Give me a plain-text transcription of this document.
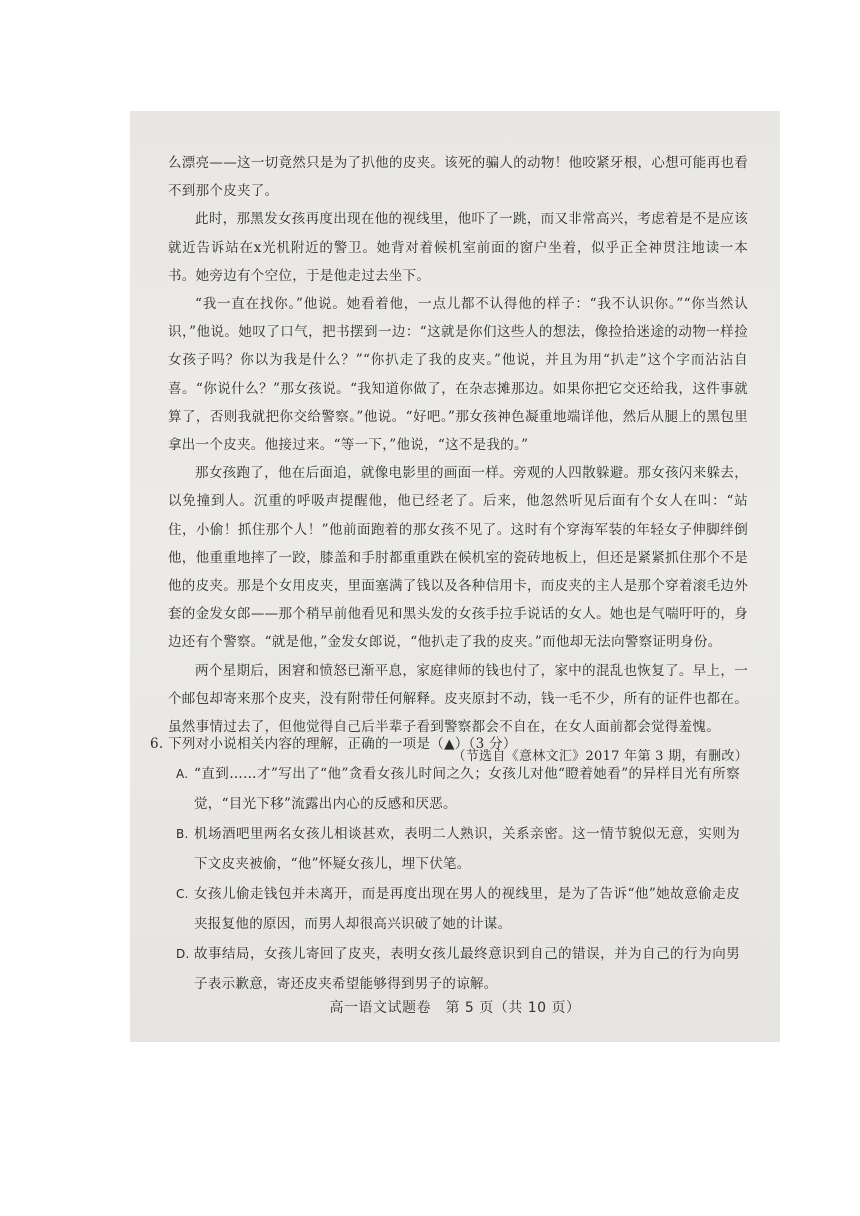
么漂亮——这一切竟然只是为了扒他的皮夹。该死的骗人的动物！他咬紧牙根，心想可能再也看不到那个皮夹了。

此时，那黑发女孩再度出现在他的视线里，他吓了一跳，而又非常高兴，考虑着是不是应该就近告诉站在x光机附近的警卫。她背对着候机室前面的窗户坐着，似乎正全神贯注地读一本书。她旁边有个空位，于是他走过去坐下。

“我一直在找你。”他说。她看着他，一点儿都不认得他的样子：“我不认识你。”“你当然认识，”他说。她叹了口气，把书摆到一边：“这就是你们这些人的想法，像捡拾迷途的动物一样捡女孩子吗？你以为我是什么？”“你扒走了我的皮夹。”他说，并且为用“扒走”这个字而沾沾自喜。“你说什么？”那女孩说。“我知道你做了，在杂志摊那边。如果你把它交还给我，这件事就算了，否则我就把你交给警察。”他说。“好吧。”那女孩神色凝重地端详他，然后从腿上的黑包里拿出一个皮夹。他接过来。“等一下，”他说，“这不是我的。”

那女孩跑了，他在后面追，就像电影里的画面一样。旁观的人四散躲避。那女孩闪来躲去，以免撞到人。沉重的呼吸声提醒他，他已经老了。后来，他忽然听见后面有个女人在叫：“站住，小偷！抓住那个人！”他前面跑着的那女孩不见了。这时有个穿海军装的年轻女子伸脚绊倒他，他重重地摔了一跤，膝盖和手肘都重重跌在候机室的瓷砖地板上，但还是紧紧抓住那个不是他的皮夹。那是个女用皮夹，里面塞满了钱以及各种信用卡，而皮夹的主人是那个穿着滚毛边外套的金发女郎——那个稍早前他看见和黑头发的女孩手拉手说话的女人。她也是气喘吁吁的，身边还有个警察。“就是他，”金发女郎说，“他扒走了我的皮夹。”而他却无法向警察证明身份。

两个星期后，困窘和愤怒已渐平息，家庭律师的钱也付了，家中的混乱也恢复了。早上，一个邮包却寄来那个皮夹，没有附带任何解释。皮夹原封不动，钱一毛不少，所有的证件也都在。虽然事情过去了，但他觉得自己后半辈子看到警察都会不自在，在女人面前都会觉得羞愧。

（节选自《意林文汇》2017 年第 3 期，有删改）
6. 下列对小说相关内容的理解，正确的一项是（▲）（3 分）
A. “直到……才”写出了“他”贪看女孩儿时间之久；女孩儿对他“瞪着她看”的异样目光有所察觉，“目光下移”流露出内心的反感和厌恶。
B. 机场酒吧里两名女孩儿相谈甚欢，表明二人熟识，关系亲密。这一情节貌似无意，实则为下文皮夹被偷，“他”怀疑女孩儿，埋下伏笔。
C. 女孩儿偷走钱包并未离开，而是再度出现在男人的视线里，是为了告诉“他”她故意偷走皮夹报复他的原因，而男人却很高兴识破了她的计谋。
D. 故事结局，女孩儿寄回了皮夹，表明女孩儿最终意识到自己的错误，并为自己的行为向男子表示歉意，寄还皮夹希望能够得到男子的谅解。
高一语文试题卷　第 5 页（共 10 页）
